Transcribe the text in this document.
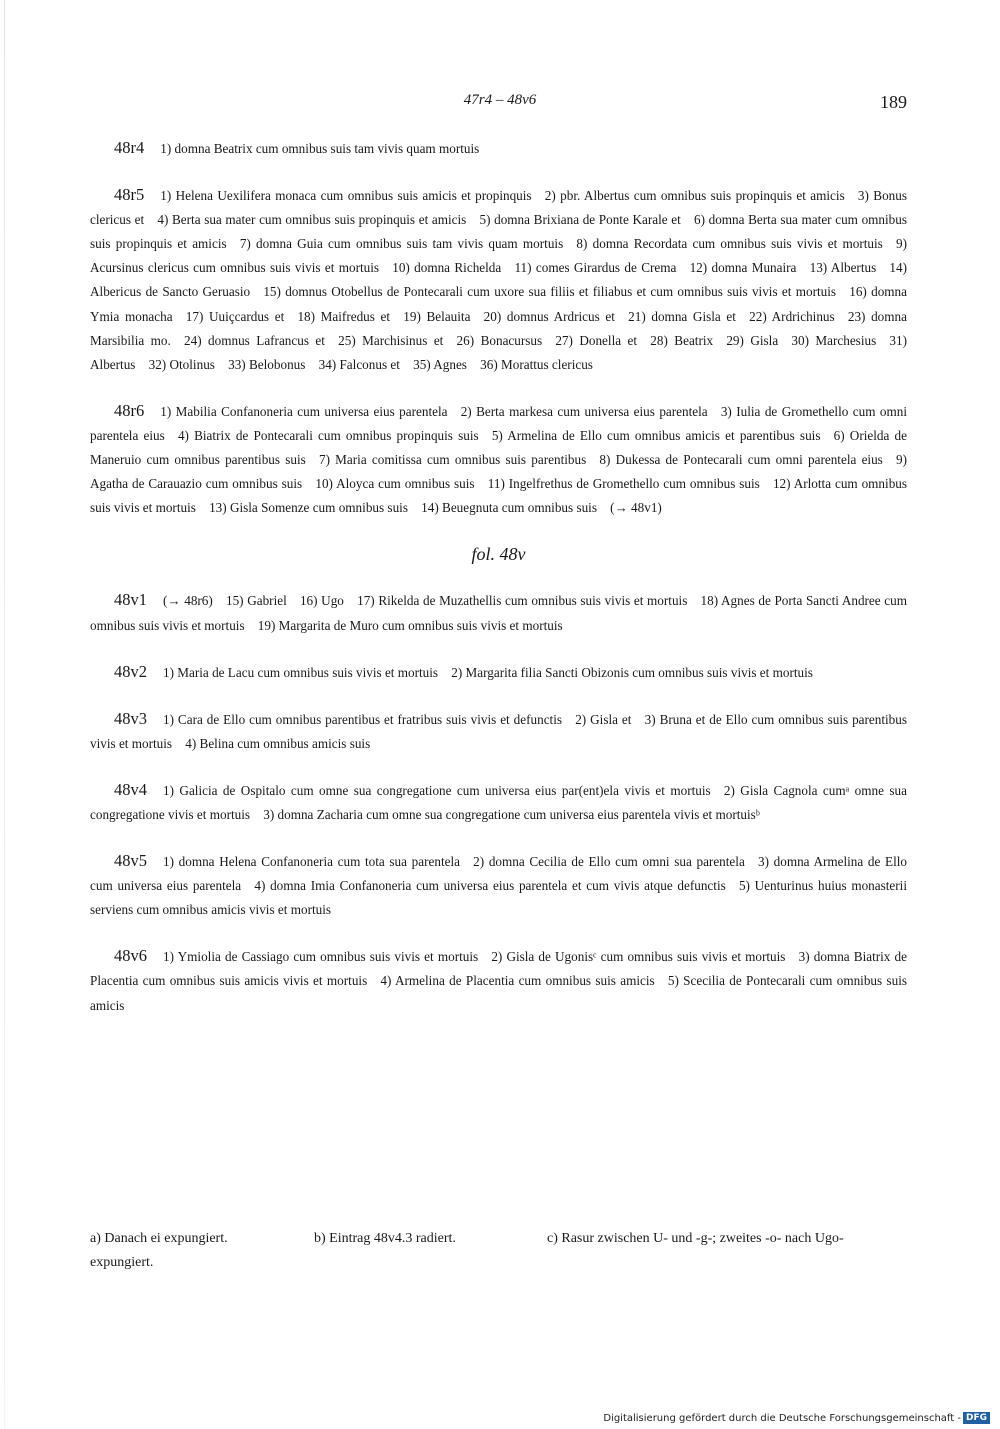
47r4 – 48v6	189

48r4 1) domna Beatrix cum omnibus suis tam vivis quam mortuis 

48r5 1) Helena Uexilifera monaca cum omnibus suis amicis et propinquis  2) pbr. Albertus cum omnibus suis propinquis et amicis  3) Bonus clericus et  4) Berta sua mater cum omnibus suis propinquis et amicis  5) domna Brixiana de Ponte Karale et  6) domna Berta sua mater cum omnibus suis propinquis et amicis  7) domna Guia cum omnibus suis tam vivis quam mortuis  8) domna Recordata cum omnibus suis vivis et mortuis  9) Acursinus clericus cum omnibus suis vivis et mortuis  10) domna Richelda  11) comes Girardus de Crema  12) domna Munaira  13) Albertus  14) Albericus de Sancto Geruasio  15) domnus Otobellus de Pontecarali cum uxore sua filiis et filiabus et cum omnibus suis vivis et mortuis  16) domna Ymia monacha  17) Uuiçcardus et  18) Maifredus et  19) Belauita  20) domnus Ardricus et  21) domna Gisla et  22) Ardrichinus  23) domna Marsibilia mo.  24) domnus Lafrancus et  25) Marchisinus et  26) Bonacursus  27) Donella et  28) Beatrix  29) Gisla  30) Marchesius  31) Albertus  32) Otolinus  33) Belobonus  34) Falconus et  35) Agnes  36) Morattus clericus 

48r6 1) Mabilia Confanoneria cum universa eius parentela  2) Berta markesa cum universa eius parentela  3) Iulia de Gromethello cum omni parentela eius  4) Biatrix de Pontecarali cum omnibus propinquis suis  5) Armelina de Ello cum omnibus amicis et parentibus suis  6) Orielda de Maneruio cum omnibus parentibus suis  7) Maria comitissa cum omnibus suis parentibus  8) Dukessa de Pontecarali cum omni parentela eius  9) Agatha de Carauazio cum omnibus suis  10) Aloyca cum omnibus suis  11) Ingelfrethus de Gromethello cum omnibus suis  12) Arlotta cum omnibus suis vivis et mortuis  13) Gisla Somenze cum omnibus suis  14) Beuegnuta cum omnibus suis  (→ 48v1) 

fol. 48v

48v1 (→ 48r6)  15) Gabriel  16) Ugo  17) Rikelda de Muzathellis cum omnibus suis vivis et mortuis  18) Agnes de Porta Sancti Andree cum omnibus suis vivis et mortuis  19) Margarita de Muro cum omnibus suis vivis et mortuis 

48v2 1) Maria de Lacu cum omnibus suis vivis et mortuis  2) Margarita filia Sancti Obizonis cum omnibus suis vivis et mortuis 

48v3 1) Cara de Ello cum omnibus parentibus et fratribus suis vivis et defunctis  2) Gisla et  3) Bruna et de Ello cum omnibus suis parentibus vivis et mortuis  4) Belina cum omnibus amicis suis 

48v4 1) Galicia de Ospitalo cum omne sua congregatione cum universa eius par(ent)ela vivis et mortuis  2) Gisla Cagnola cumᵃ omne sua congregatione vivis et mortuis  3) domna Zacharia cum omne sua congregatione cum universa eius parentela vivis et mortuisᵇ 

48v5 1) domna Helena Confanoneria cum tota sua parentela  2) domna Cecilia de Ello cum omni sua parentela  3) domna Armelina de Ello cum universa eius parentela  4) domna Imia Confanoneria cum universa eius parentela et cum vivis atque defunctis  5) Uenturinus huius monasterii serviens cum omnibus amicis vivis et mortuis 

48v6 1) Ymiolia de Cassiago cum omnibus suis vivis et mortuis  2) Gisla de Ugonisᶜ cum omnibus suis vivis et mortuis  3) domna Biatrix de Placentia cum omnibus suis amicis vivis et mortuis  4) Armelina de Placentia cum omnibus suis amicis  5) Scecilia de Pontecarali cum omnibus suis amicis 

a) Danach ei expungiert.	b) Eintrag 48v4.3 radiert.	c) Rasur zwischen U- und -g-; zweites -o- nach Ugo-
expungiert.
Digitalisierung gefördert durch die Deutsche Forschungsgemeinschaft - DFG
